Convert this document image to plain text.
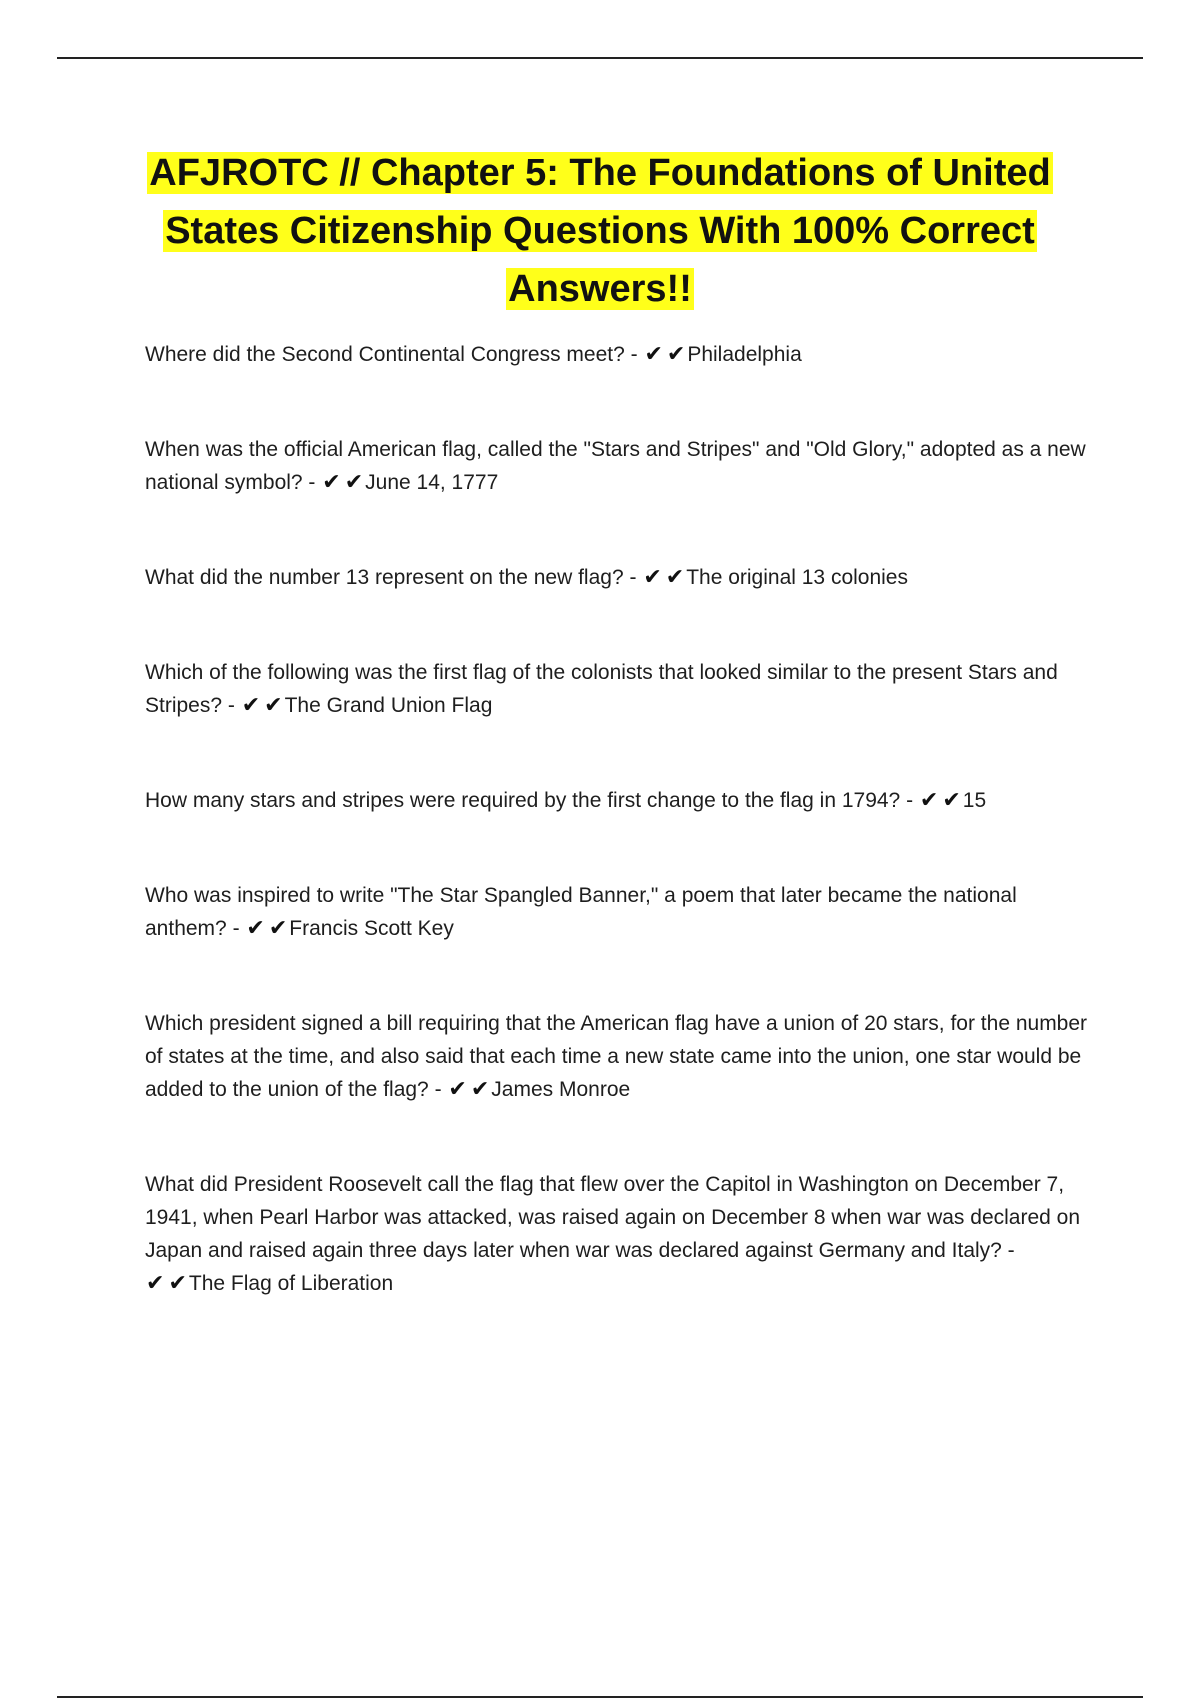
AFJROTC // Chapter 5: The Foundations of United States Citizenship Questions With 100% Correct Answers!!

Where did the Second Continental Congress meet? - ✔ ✔Philadelphia

When was the official American flag, called the "Stars and Stripes" and "Old Glory," adopted as a new national symbol? - ✔ ✔June 14, 1777

What did the number 13 represent on the new flag? - ✔ ✔The original 13 colonies

Which of the following was the first flag of the colonists that looked similar to the present Stars and Stripes? - ✔ ✔The Grand Union Flag

How many stars and stripes were required by the first change to the flag in 1794? - ✔ ✔15

Who was inspired to write "The Star Spangled Banner," a poem that later became the national anthem? - ✔ ✔Francis Scott Key

Which president signed a bill requiring that the American flag have a union of 20 stars, for the number of states at the time, and also said that each time a new state came into the union, one star would be added to the union of the flag? - ✔ ✔James Monroe

What did President Roosevelt call the flag that flew over the Capitol in Washington on December 7, 1941, when Pearl Harbor was attacked, was raised again on December 8 when war was declared on Japan and raised again three days later when war was declared against Germany and Italy? - ✔ ✔The Flag of Liberation
